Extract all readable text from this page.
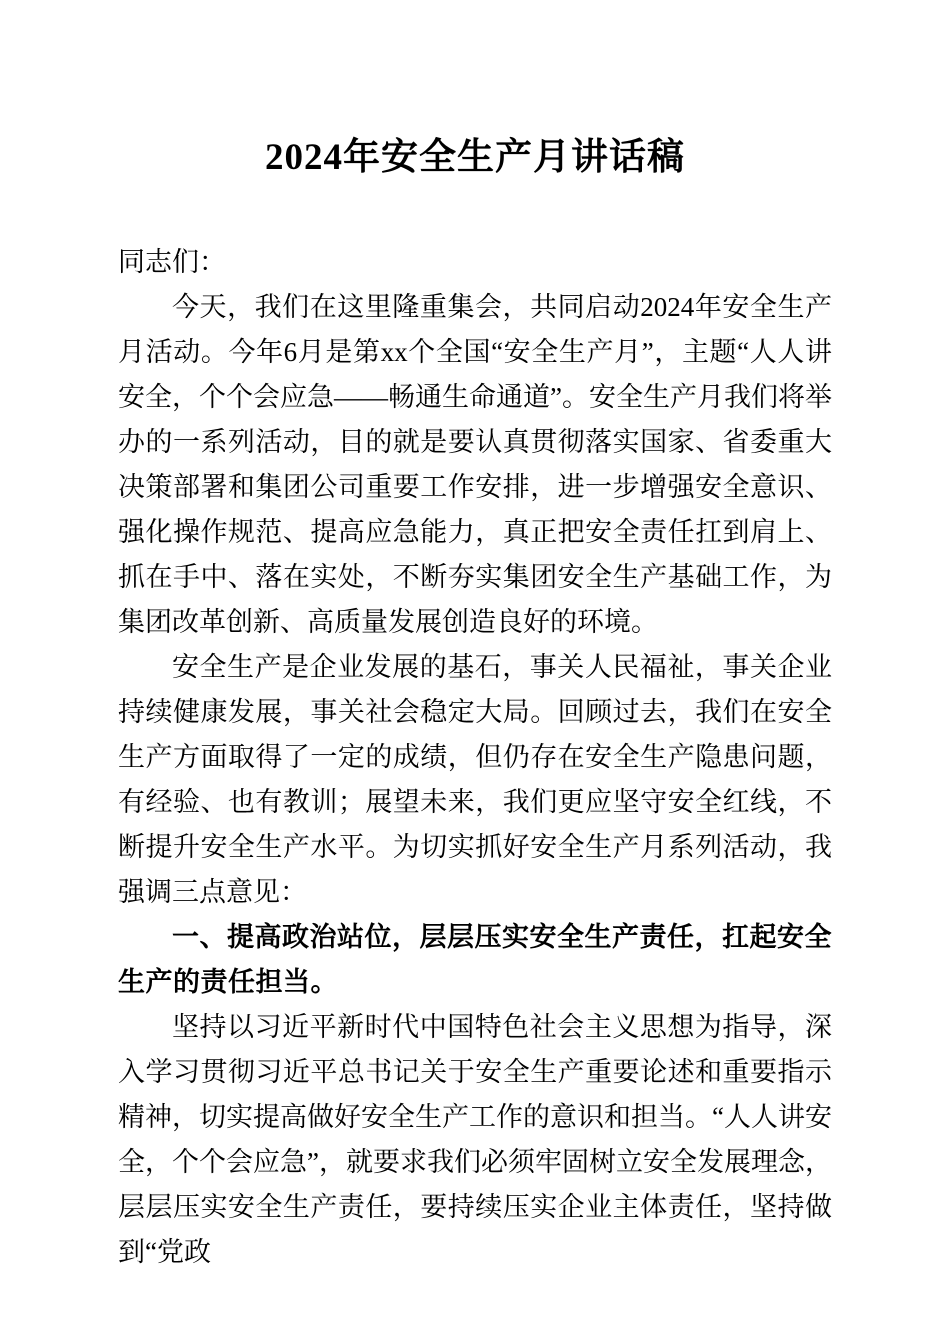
2024年安全生产月讲话稿

同志们：

今天，我们在这里隆重集会，共同启动2024年安全生产月活动。今年6月是第xx个全国“安全生产月”，主题“人人讲安全，个个会应急——畅通生命通道”。安全生产月我们将举办的一系列活动，目的就是要认真贯彻落实国家、省委重大决策部署和集团公司重要工作安排，进一步增强安全意识、强化操作规范、提高应急能力，真正把安全责任扛到肩上、抓在手中、落在实处，不断夯实集团安全生产基础工作，为集团改革创新、高质量发展创造良好的环境。

安全生产是企业发展的基石，事关人民福祉，事关企业持续健康发展，事关社会稳定大局。回顾过去，我们在安全生产方面取得了一定的成绩，但仍存在安全生产隐患问题，有经验、也有教训；展望未来，我们更应坚守安全红线，不断提升安全生产水平。为切实抓好安全生产月系列活动，我强调三点意见：

一、提高政治站位，层层压实安全生产责任，扛起安全生产的责任担当。

坚持以习近平新时代中国特色社会主义思想为指导，深入学习贯彻习近平总书记关于安全生产重要论述和重要指示精神，切实提高做好安全生产工作的意识和担当。“人人讲安全，个个会应急”，就要求我们必须牢固树立安全发展理念，层层压实安全生产责任，要持续压实企业主体责任，坚持做到“党政
